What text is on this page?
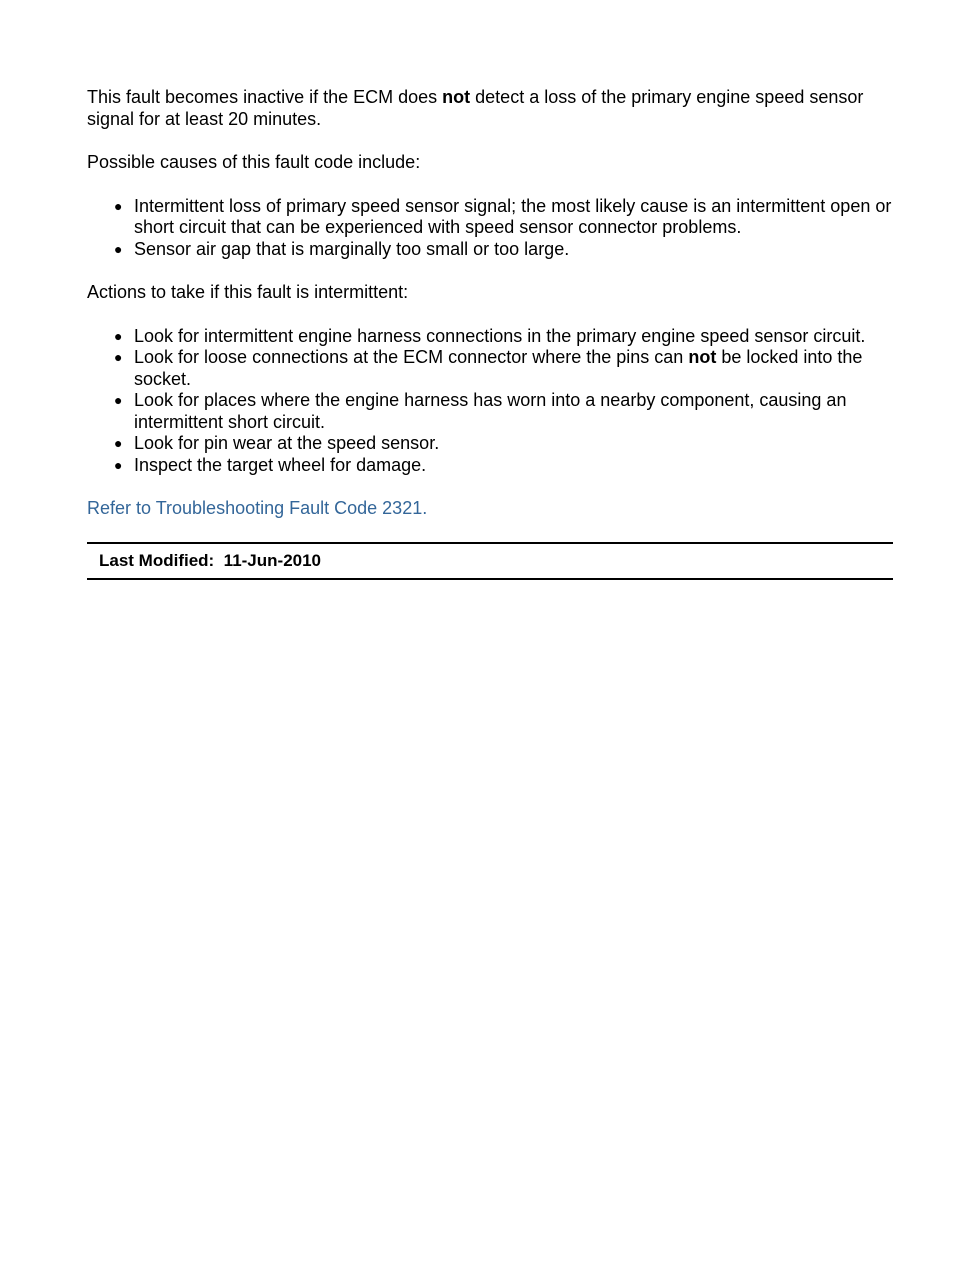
This fault becomes inactive if the ECM does not detect a loss of the primary engine speed sensor signal for at least 20 minutes.

Possible causes of this fault code include:

● Intermittent loss of primary speed sensor signal; the most likely cause is an intermittent open or short circuit that can be experienced with speed sensor connector problems.
● Sensor air gap that is marginally too small or too large.

Actions to take if this fault is intermittent:

● Look for intermittent engine harness connections in the primary engine speed sensor circuit.
● Look for loose connections at the ECM connector where the pins can not be locked into the socket.
● Look for places where the engine harness has worn into a nearby component, causing an intermittent short circuit.
● Look for pin wear at the speed sensor.
● Inspect the target wheel for damage.

Refer to Troubleshooting Fault Code 2321.

Last Modified: 11-Jun-2010
